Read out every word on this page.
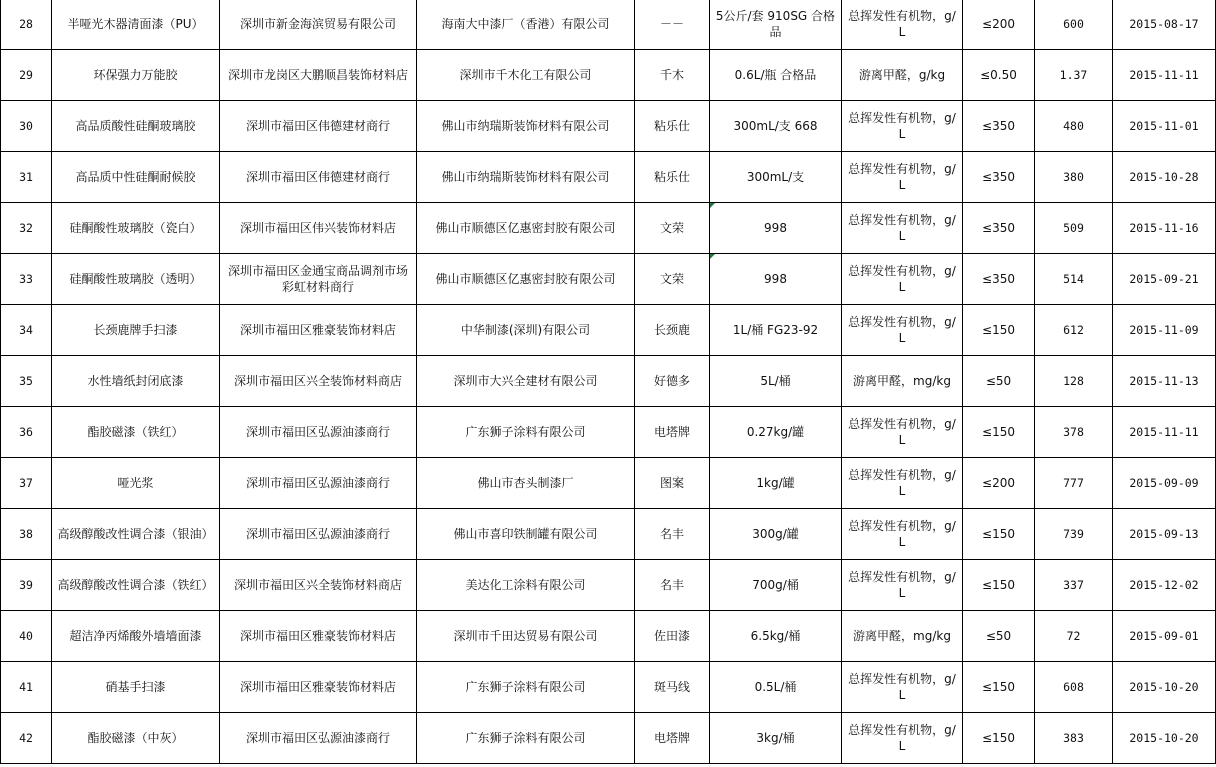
28	半哑光木器清面漆（PU）	深圳市新金海滨贸易有限公司	海南大中漆厂（香港）有限公司	－－	5公斤/套 910SG 合格品	总挥发性有机物，g/L	≤200	600	2015-08-17
29	环保强力万能胶	深圳市龙岗区大鹏顺昌装饰材料店	深圳市千木化工有限公司	千木	0.6L/瓶 合格品	游离甲醛，g/kg	≤0.50	1.37	2015-11-11
30	高品质酸性硅酮玻璃胶	深圳市福田区伟德建材商行	佛山市纳瑞斯装饰材料有限公司	粘乐仕	300mL/支 668	总挥发性有机物，g/L	≤350	480	2015-11-01
31	高品质中性硅酮耐候胶	深圳市福田区伟德建材商行	佛山市纳瑞斯装饰材料有限公司	粘乐仕	300mL/支	总挥发性有机物，g/L	≤350	380	2015-10-28
32	硅酮酸性玻璃胶（瓷白）	深圳市福田区伟兴装饰材料店	佛山市顺德区亿惠密封胶有限公司	文荣	998	总挥发性有机物，g/L	≤350	509	2015-11-16
33	硅酮酸性玻璃胶（透明）	深圳市福田区金通宝商品调剂市场彩虹材料商行	佛山市顺德区亿惠密封胶有限公司	文荣	998	总挥发性有机物，g/L	≤350	514	2015-09-21
34	长颈鹿牌手扫漆	深圳市福田区雅豪装饰材料店	中华制漆(深圳)有限公司	长颈鹿	1L/桶 FG23-92	总挥发性有机物，g/L	≤150	612	2015-11-09
35	水性墙纸封闭底漆	深圳市福田区兴全装饰材料商店	深圳市大兴全建材有限公司	好德多	5L/桶	游离甲醛，mg/kg	≤50	128	2015-11-13
36	酯胶磁漆（铁红）	深圳市福田区弘源油漆商行	广东狮子涂料有限公司	电塔牌	0.27kg/罐	总挥发性有机物，g/L	≤150	378	2015-11-11
37	哑光浆	深圳市福田区弘源油漆商行	佛山市杏头制漆厂	图案	1kg/罐	总挥发性有机物，g/L	≤200	777	2015-09-09
38	高级醇酸改性调合漆（银油）	深圳市福田区弘源油漆商行	佛山市喜印铁制罐有限公司	名丰	300g/罐	总挥发性有机物，g/L	≤150	739	2015-09-13
39	高级醇酸改性调合漆（铁红）	深圳市福田区兴全装饰材料商店	美达化工涂料有限公司	名丰	700g/桶	总挥发性有机物，g/L	≤150	337	2015-12-02
40	超洁净丙烯酸外墙墙面漆	深圳市福田区雅豪装饰材料店	深圳市千田达贸易有限公司	佐田漆	6.5kg/桶	游离甲醛，mg/kg	≤50	72	2015-09-01
41	硝基手扫漆	深圳市福田区雅豪装饰材料店	广东狮子涂料有限公司	斑马线	0.5L/桶	总挥发性有机物，g/L	≤150	608	2015-10-20
42	酯胶磁漆（中灰）	深圳市福田区弘源油漆商行	广东狮子涂料有限公司	电塔牌	3kg/桶	总挥发性有机物，g/L	≤150	383	2015-10-20
